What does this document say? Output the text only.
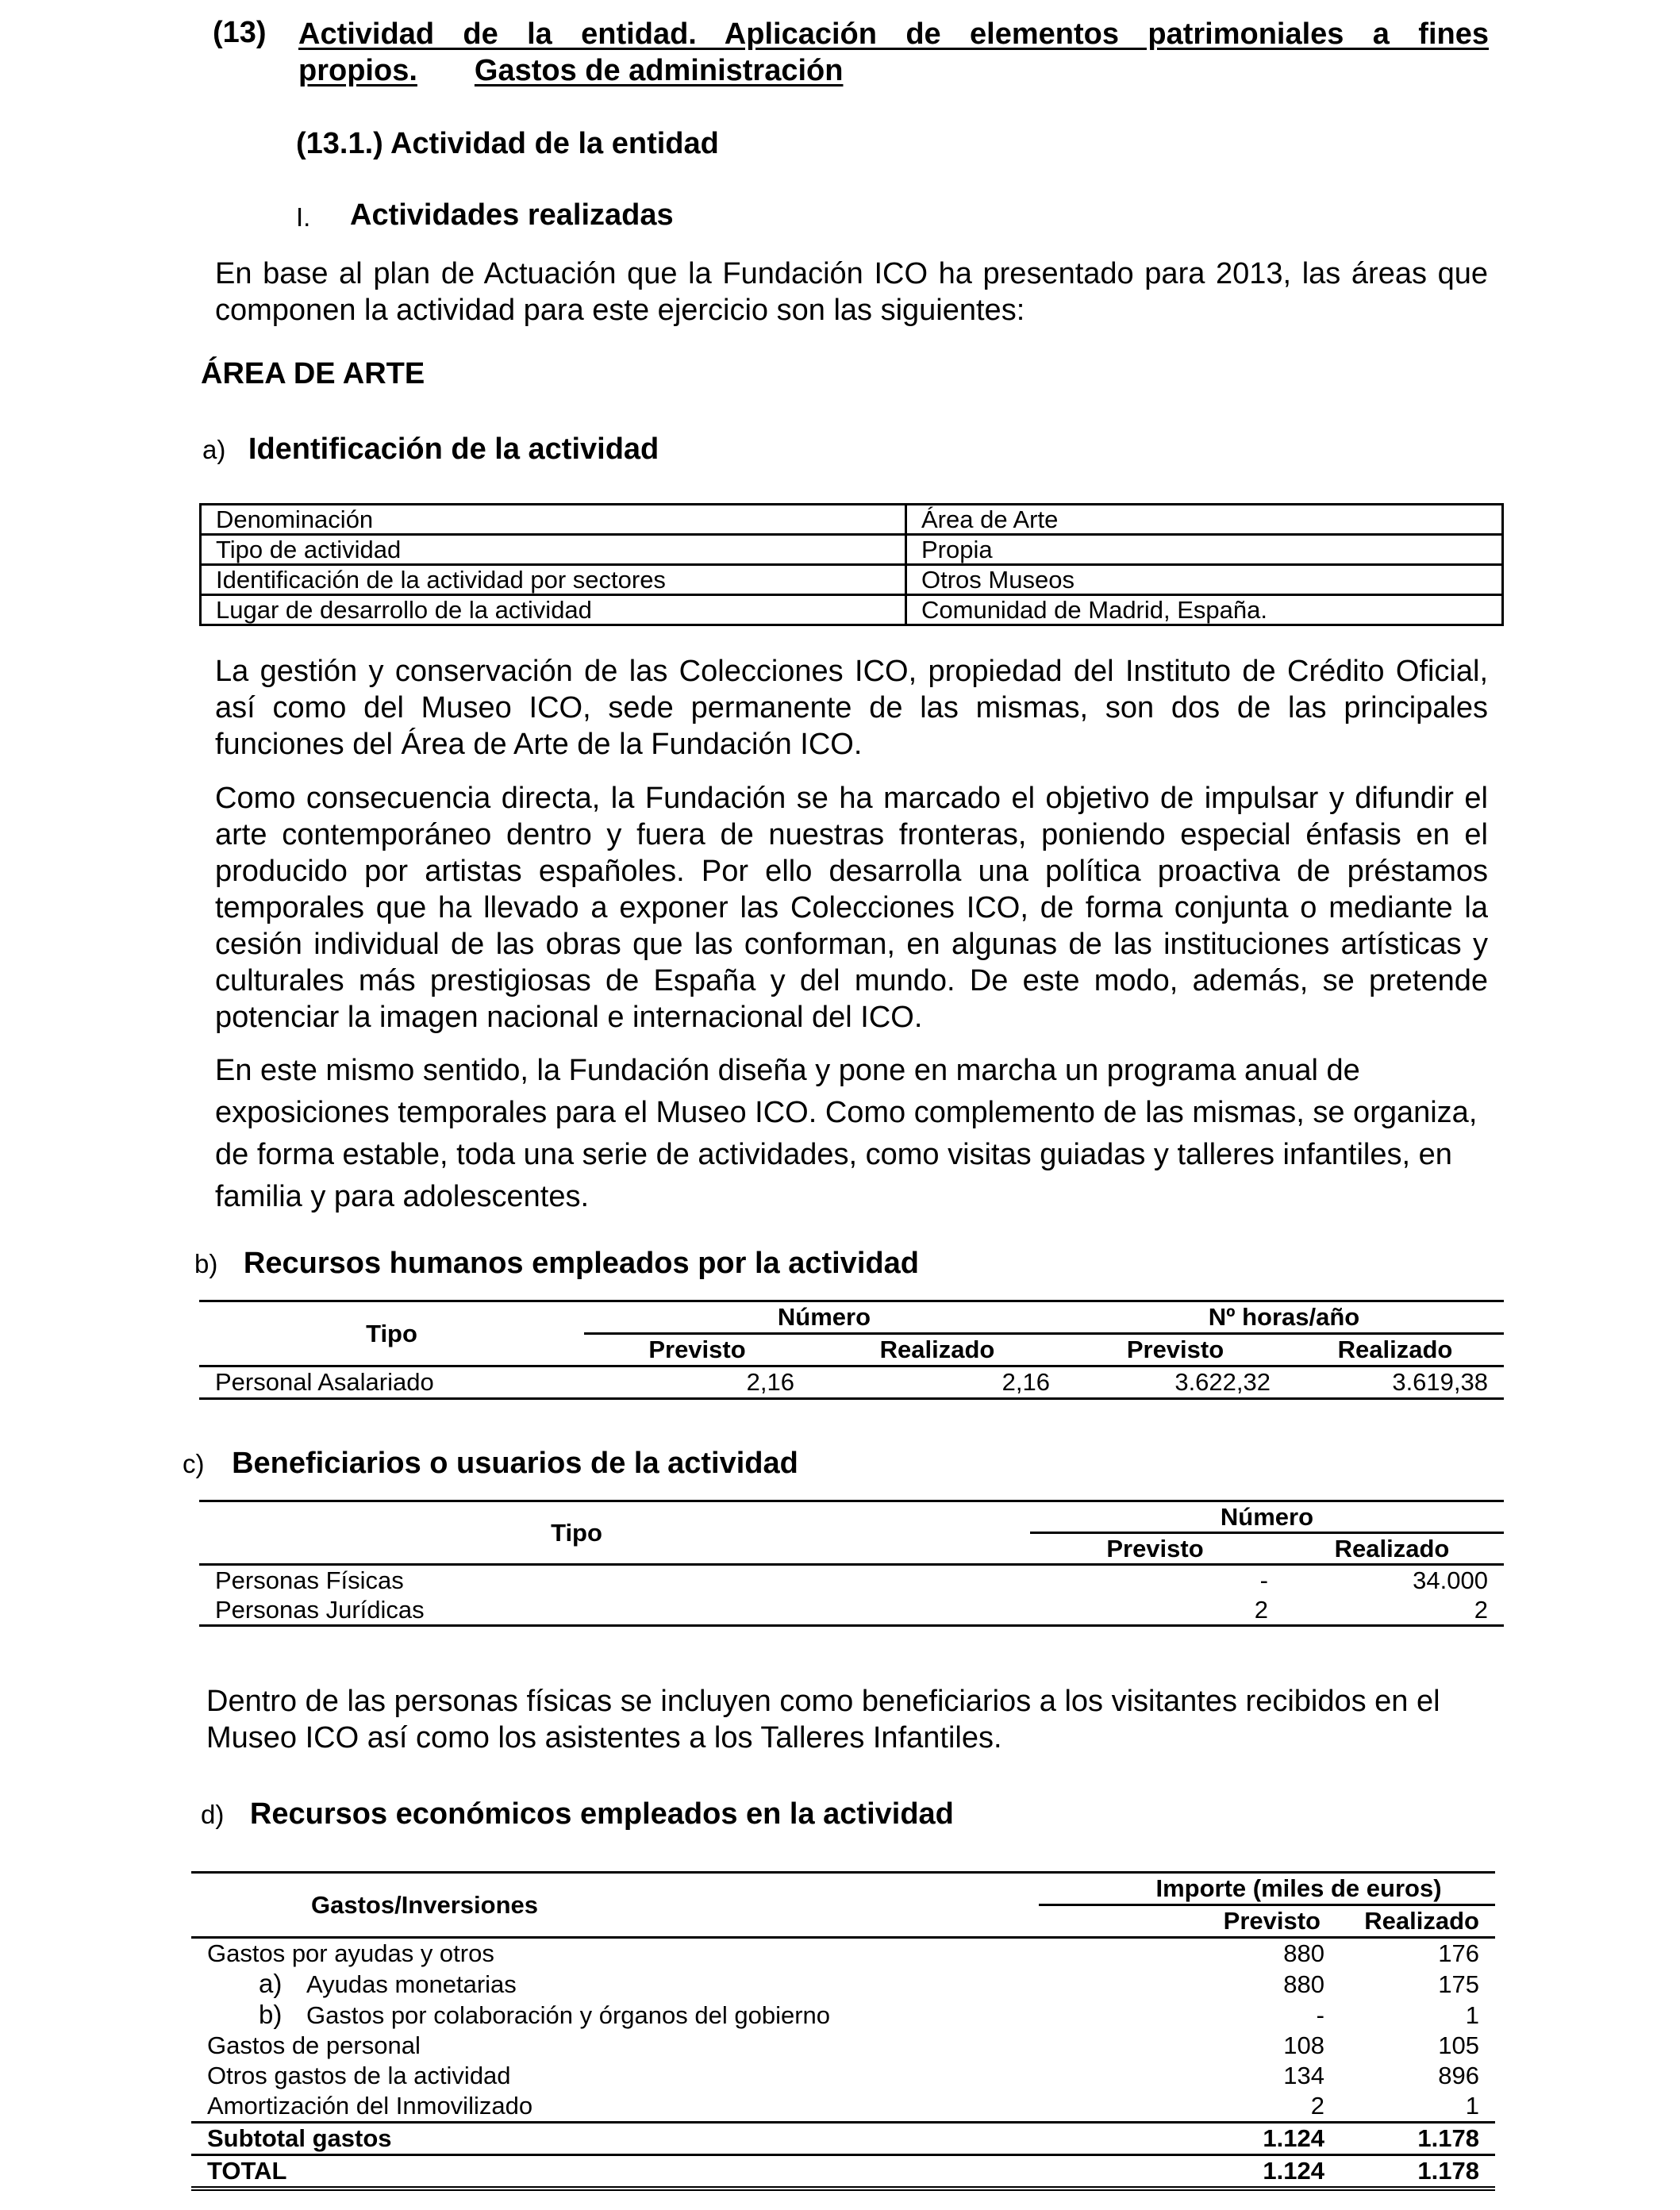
(13) Actividad de la entidad. Aplicación de elementos patrimoniales a fines
propios. Gastos de administración
(13.1.) Actividad de la entidad
I. Actividades realizadas

En base al plan de Actuación que la Fundación ICO ha presentado para 2013, las áreas que componen la actividad para este ejercicio son las siguientes:

ÁREA DE ARTE
a) Identificación de la actividad
Denominación	Área de Arte
Tipo de actividad	Propia
Identificación de la actividad por sectores	Otros Museos
Lugar de desarrollo de la actividad	Comunidad de Madrid, España.

La gestión y conservación de las Colecciones ICO, propiedad del Instituto de Crédito Oficial, así como del Museo ICO, sede permanente de las mismas, son dos de las principales funciones del Área de Arte de la Fundación ICO.

Como consecuencia directa, la Fundación se ha marcado el objetivo de impulsar y difundir el arte contemporáneo dentro y fuera de nuestras fronteras, poniendo especial énfasis en el producido por artistas españoles. Por ello desarrolla una política proactiva de préstamos temporales que ha llevado a exponer las Colecciones ICO, de forma conjunta o mediante la cesión individual de las obras que las conforman, en algunas de las instituciones artísticas y culturales más prestigiosas de España y del mundo. De este modo, además, se pretende potenciar la imagen nacional e internacional del ICO.

En este mismo sentido, la Fundación diseña y pone en marcha un programa anual de exposiciones temporales para el Museo ICO. Como complemento de las mismas, se organiza, de forma estable, toda una serie de actividades, como visitas guiadas y talleres infantiles, en familia y para adolescentes.

b) Recursos humanos empleados por la actividad
Tipo	Número		Nº horas/año	
	Previsto	Realizado	Previsto	Realizado
Personal Asalariado	2,16	2,16	3.622,32	3.619,38
c) Beneficiarios o usuarios de la actividad
Tipo	Número	
	Previsto	Realizado
Personas Físicas	-	34.000
Personas Jurídicas	2	2

Dentro de las personas físicas se incluyen como beneficiarios a los visitantes recibidos en el Museo ICO así como los asistentes a los Talleres Infantiles.

d) Recursos económicos empleados en la actividad
Gastos/Inversiones	Importe (miles de euros)	
	Previsto	Realizado
Gastos por ayudas y otros	880	176
a) Ayudas monetarias	880	175
b) Gastos por colaboración y órganos del gobierno	-	1
Gastos de personal	108	105
Otros gastos de la actividad	134	896
Amortización del Inmovilizado	2	1
Subtotal gastos	1.124	1.178
TOTAL	1.124	1.178
